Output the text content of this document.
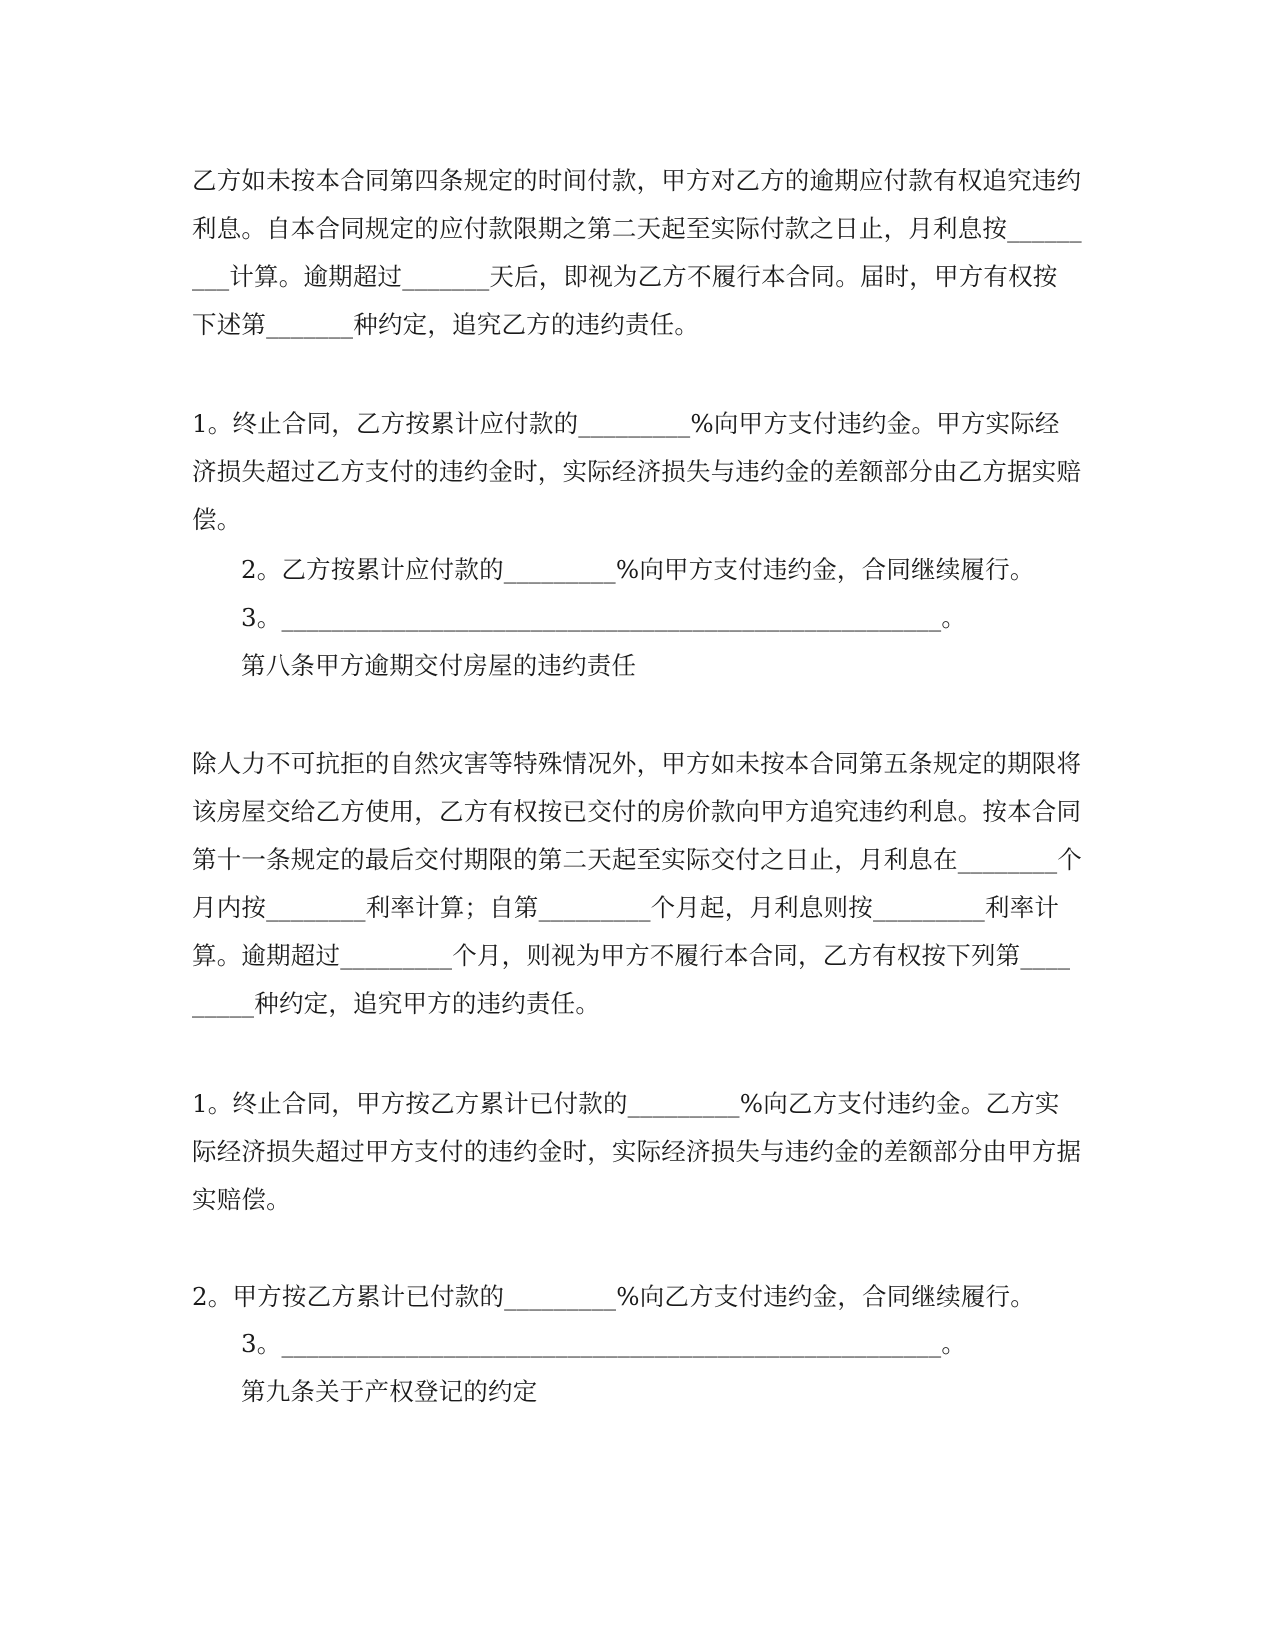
乙方如未按本合同第四条规定的时间付款，甲方对乙方的逾期应付款有权追究违约利息。自本合同规定的应付款限期之第二天起至实际付款之日止，月利息按_________计算。逾期超过_______天后，即视为乙方不履行本合同。届时，甲方有权按下述第_______种约定，追究乙方的违约责任。

1。终止合同，乙方按累计应付款的_________%向甲方支付违约金。甲方实际经济损失超过乙方支付的违约金时，实际经济损失与违约金的差额部分由乙方据实赔偿。

2。乙方按累计应付款的_________%向甲方支付违约金，合同继续履行。

3。_____________________________________________________。

第八条甲方逾期交付房屋的违约责任

除人力不可抗拒的自然灾害等特殊情况外，甲方如未按本合同第五条规定的期限将该房屋交给乙方使用，乙方有权按已交付的房价款向甲方追究违约利息。按本合同第十一条规定的最后交付期限的第二天起至实际交付之日止，月利息在________个月内按________利率计算；自第_________个月起，月利息则按_________利率计算。逾期超过_________个月，则视为甲方不履行本合同，乙方有权按下列第_________种约定，追究甲方的违约责任。

1。终止合同，甲方按乙方累计已付款的_________%向乙方支付违约金。乙方实际经济损失超过甲方支付的违约金时，实际经济损失与违约金的差额部分由甲方据实赔偿。

2。甲方按乙方累计已付款的_________%向乙方支付违约金，合同继续履行。

3。_____________________________________________________。

第九条关于产权登记的约定
